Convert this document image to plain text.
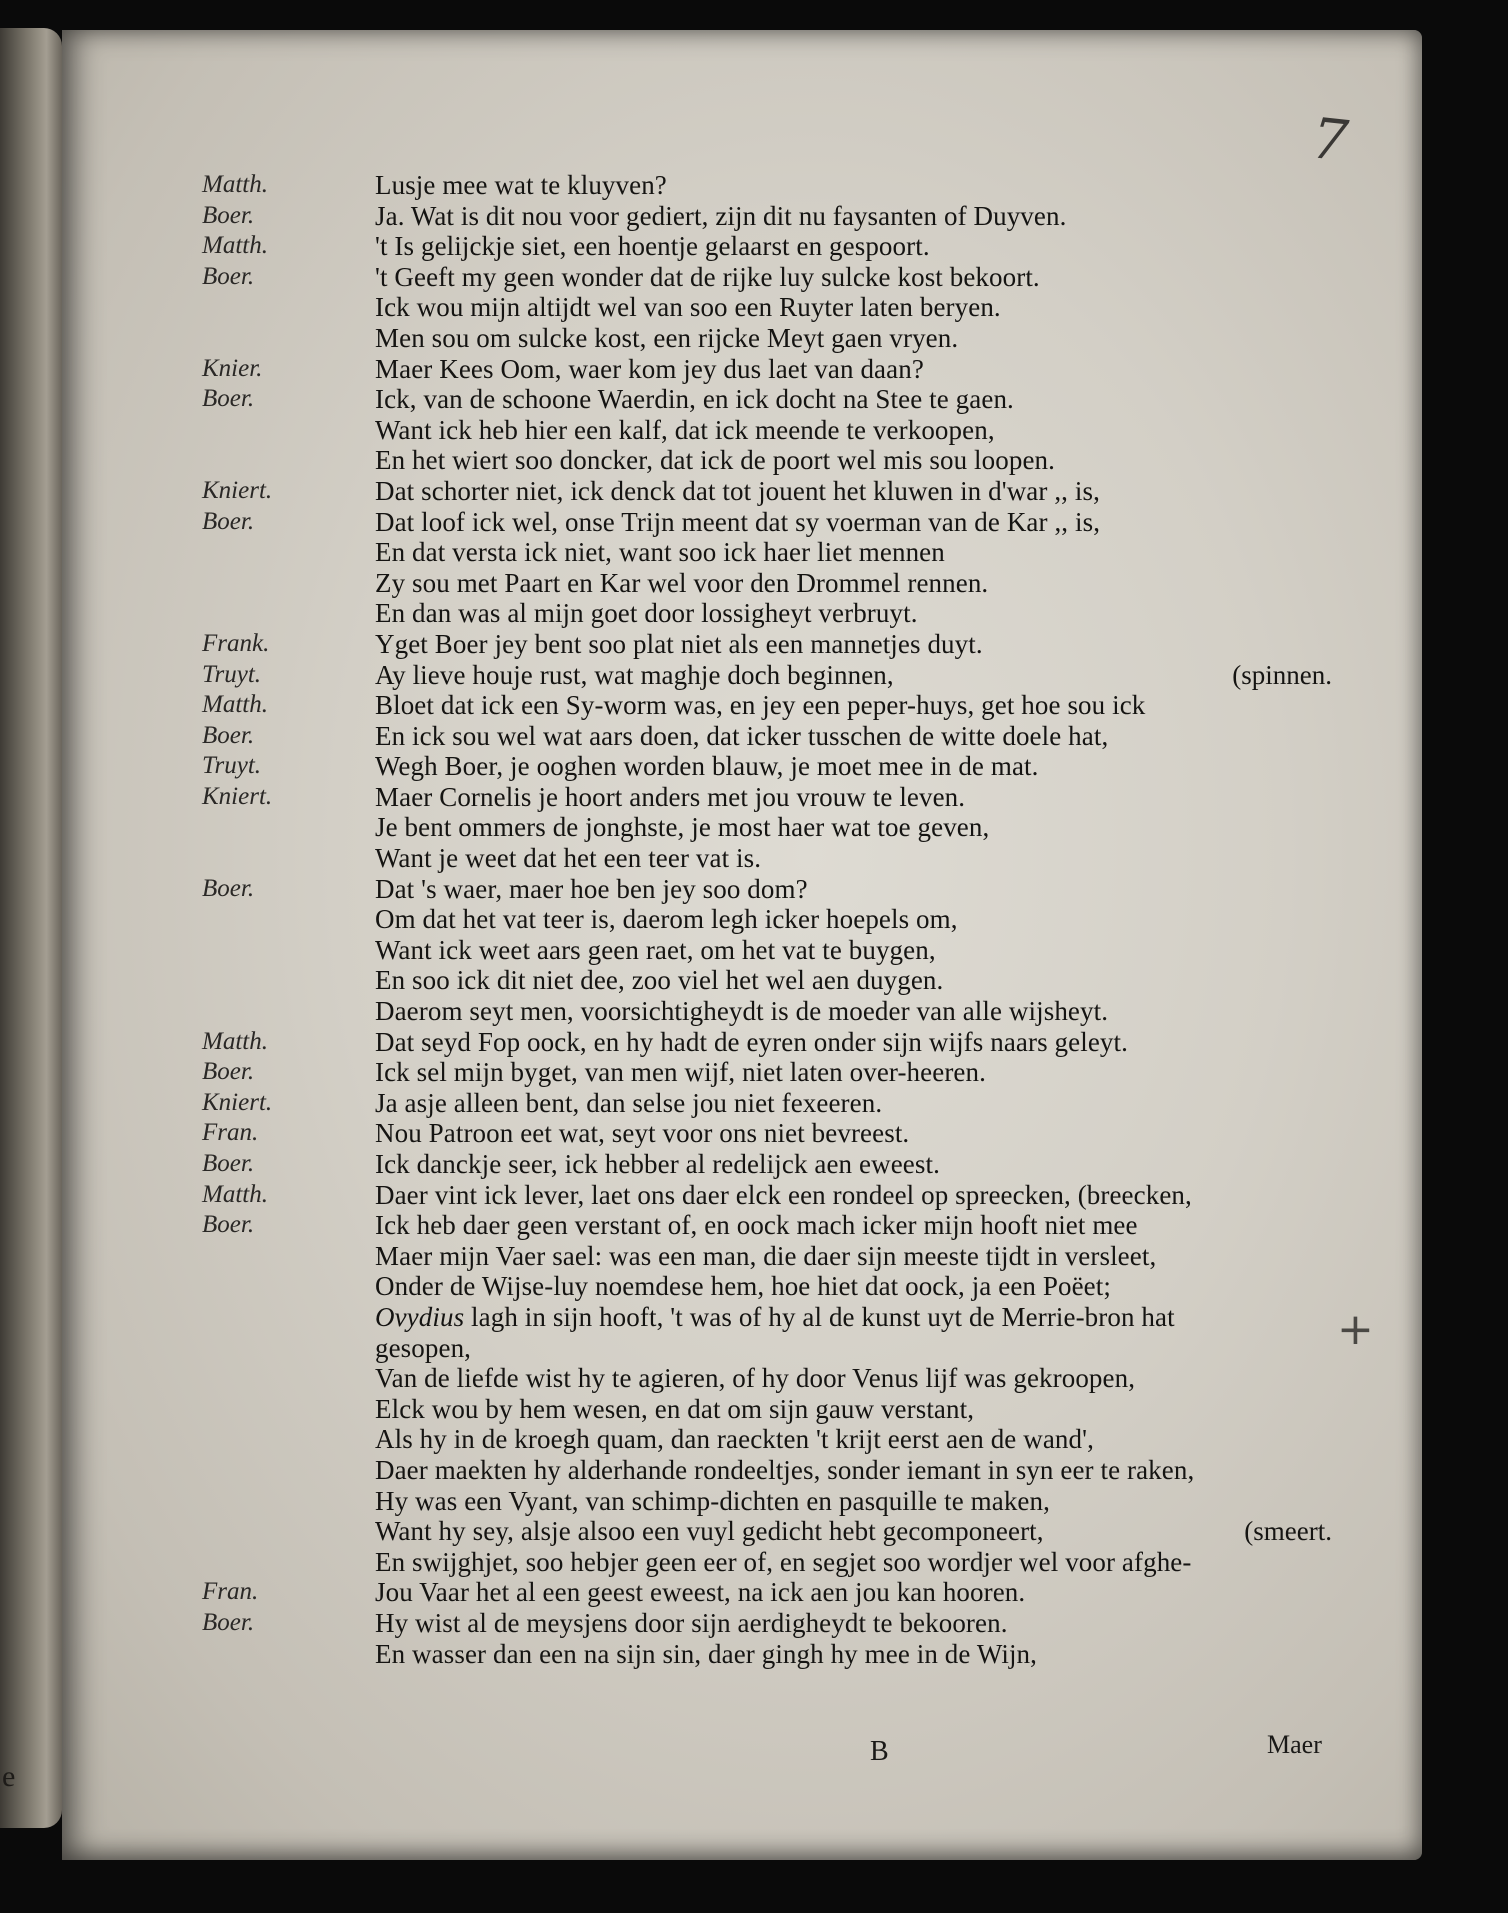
e
7
Matth.	Lusje mee wat te kluyven?
Boer.	Ja. Wat is dit nou voor gediert, zijn dit nu faysanten of Duyven.
Matth.	't Is gelijckje siet, een hoentje gelaarst en gespoort.
Boer.	't Geeft my geen wonder dat de rijke luy sulcke kost bekoort.
Ick wou mijn altijdt wel van soo een Ruyter laten beryen.
Men sou om sulcke kost, een rijcke Meyt gaen vryen.
Knier.	Maer Kees Oom, waer kom jey dus laet van daan?
Boer.	Ick, van de schoone Waerdin, en ick docht na Stee te gaen.
Want ick heb hier een kalf, dat ick meende te verkoopen,
En het wiert soo doncker, dat ick de poort wel mis sou loopen.
Kniert.	Dat schorter niet, ick denck dat tot jouent het kluwen in d'war ,, is,
Boer.	Dat loof ick wel, onse Trijn meent dat sy voerman van de Kar ,, is,
En dat versta ick niet, want soo ick haer liet mennen
Zy sou met Paart en Kar wel voor den Drommel rennen.
En dan was al mijn goet door lossigheyt verbruyt.
Frank.	Yget Boer jey bent soo plat niet als een mannetjes duyt.
Truyt.	Ay lieve houje rust, wat maghje doch beginnen,	(spinnen.
Matth.	Bloet dat ick een Sy-worm was, en jey een peper-huys, get hoe sou ick
Boer.	En ick sou wel wat aars doen, dat icker tusschen de witte doele hat,
Truyt.	Wegh Boer, je ooghen worden blauw, je moet mee in de mat.
Kniert.	Maer Cornelis je hoort anders met jou vrouw te leven.
Je bent ommers de jonghste, je most haer wat toe geven,
Want je weet dat het een teer vat is.
Boer.	Dat 's waer, maer hoe ben jey soo dom?
Om dat het vat teer is, daerom legh icker hoepels om,
Want ick weet aars geen raet, om het vat te buygen,
En soo ick dit niet dee, zoo viel het wel aen duygen.
Daerom seyt men, voorsichtigheydt is de moeder van alle wijsheyt.
Matth.	Dat seyd Fop oock, en hy hadt de eyren onder sijn wijfs naars geleyt.
Boer.	Ick sel mijn byget, van men wijf, niet laten over-heeren.
Kniert.	Ja asje alleen bent, dan selse jou niet fexeeren.
Fran.	Nou Patroon eet wat, seyt voor ons niet bevreest.
Boer.	Ick danckje seer, ick hebber al redelijck aen eweest.
Matth.	Daer vint ick lever, laet ons daer elck een rondeel op spreecken, (breecken,
Boer.	Ick heb daer geen verstant of, en oock mach icker mijn hooft niet mee
Maer mijn Vaer sael: was een man, die daer sijn meeste tijdt in versleet,
Onder de Wijse-luy noemdese hem, hoe hiet dat oock, ja een Poëet;
Ovydius lagh in sijn hooft, 't was of hy al de kunst uyt de Merrie-bron hat
gesopen,
Van de liefde wist hy te agieren, of hy door Venus lijf was gekroopen,
Elck wou by hem wesen, en dat om sijn gauw verstant,
Als hy in de kroegh quam, dan raeckten 't krijt eerst aen de wand',
Daer maekten hy alderhande rondeeltjes, sonder iemant in syn eer te raken,
Hy was een Vyant, van schimp-dichten en pasquille te maken,
Want hy sey, alsje alsoo een vuyl gedicht hebt gecomponeert,	(smeert.
En swijghjet, soo hebjer geen eer of, en segjet soo wordjer wel voor afghe-
Fran.	Jou Vaar het al een geest eweest, na ick aen jou kan hooren.
Boer.	Hy wist al de meysjens door sijn aerdigheydt te bekooren.
En wasser dan een na sijn sin, daer gingh hy mee in de Wijn,
+
B	Maer
